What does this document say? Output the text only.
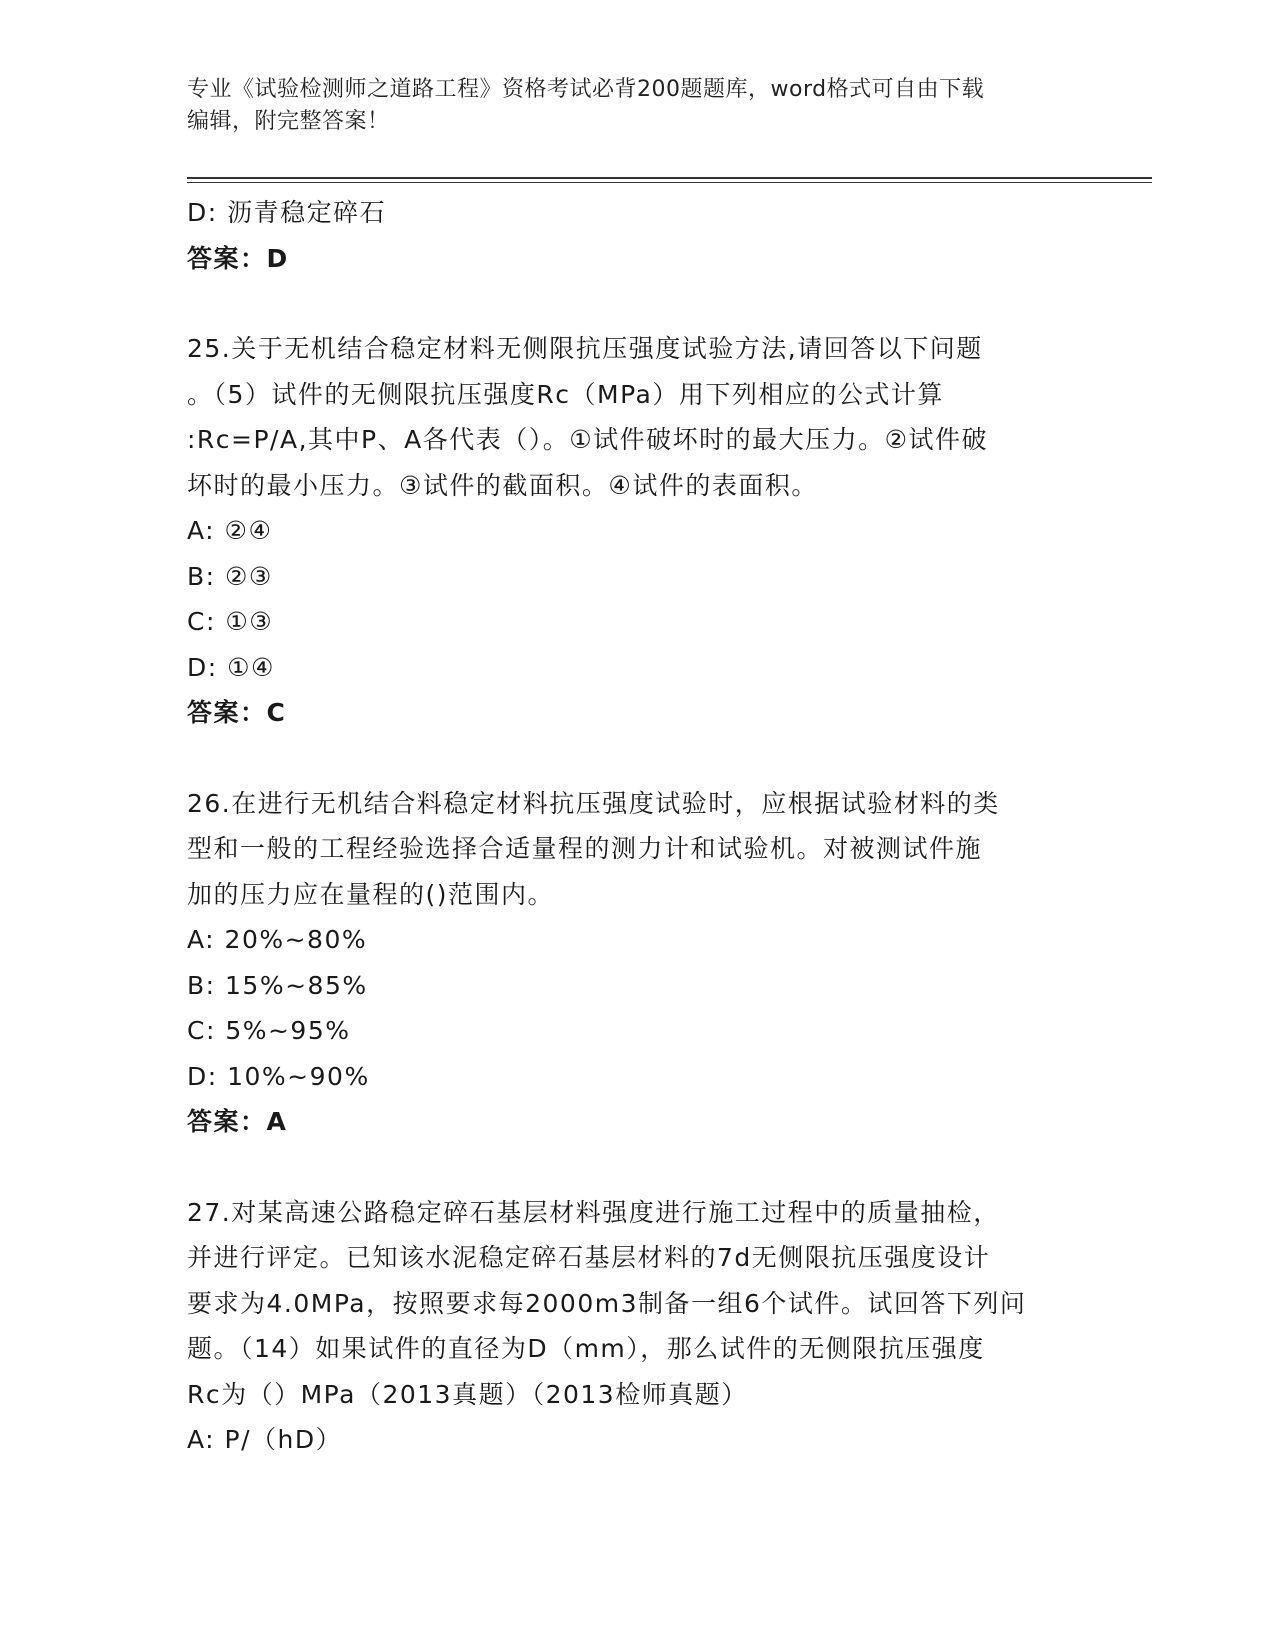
专业《试验检测师之道路工程》资格考试必背200题题库，word格式可自由下载
编辑，附完整答案！
D: 沥青稳定碎石
答案：D
25.关于无机结合稳定材料无侧限抗压强度试验方法,请回答以下问题
。（5）试件的无侧限抗压强度Rc（MPa）用下列相应的公式计算
:Rc=P/A,其中P、A各代表（）。①试件破坏时的最大压力。②试件破
坏时的最小压力。③试件的截面积。④试件的表面积。
A: ②④
B: ②③
C: ①③
D: ①④
答案：C
26.在进行无机结合料稳定材料抗压强度试验时，应根据试验材料的类
型和一般的工程经验选择合适量程的测力计和试验机。对被测试件施
加的压力应在量程的()范围内。
A: 20%~80%
B: 15%~85%
C: 5%~95%
D: 10%~90%
答案：A
27.对某高速公路稳定碎石基层材料强度进行施工过程中的质量抽检，
并进行评定。已知该水泥稳定碎石基层材料的7d无侧限抗压强度设计
要求为4.0MPa，按照要求每2000m3制备一组6个试件。试回答下列问
题。（14）如果试件的直径为D（mm），那么试件的无侧限抗压强度
Rc为（）MPa（2013真题）（2013检师真题）
A: P/（hD）
